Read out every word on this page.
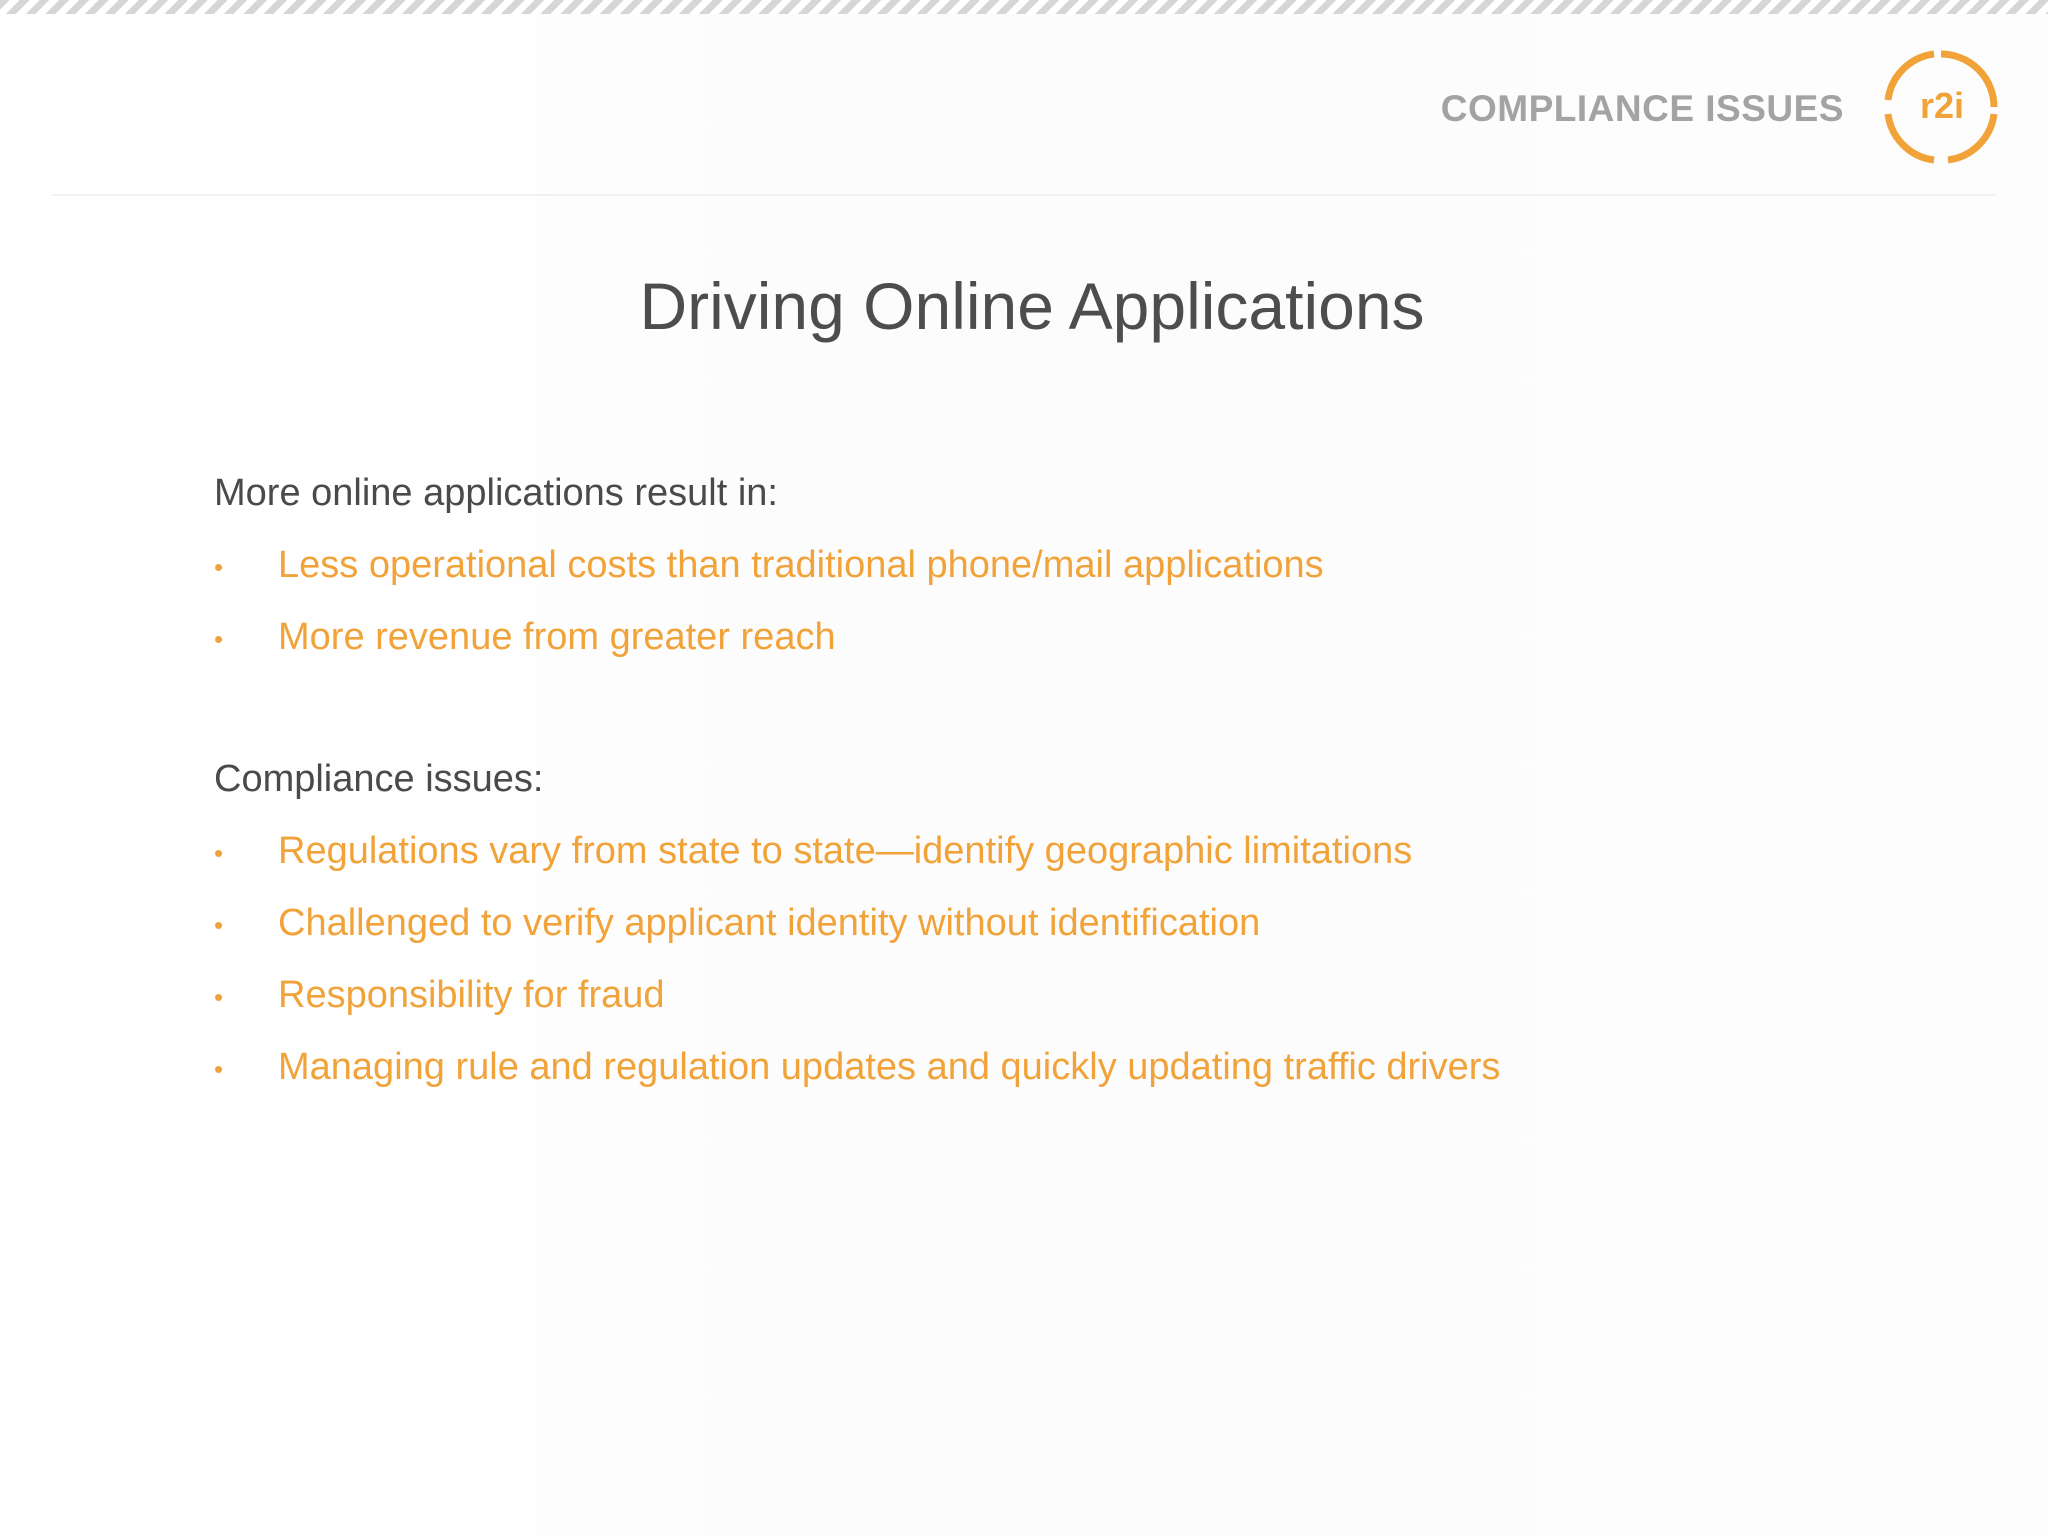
COMPLIANCE ISSUES r2i
Driving Online Applications
More online applications result in:
• Less operational costs than traditional phone/mail applications
• More revenue from greater reach
Compliance issues:
• Regulations vary from state to state—identify geographic limitations
• Challenged to verify applicant identity without identification
• Responsibility for fraud
• Managing rule and regulation updates and quickly updating traffic drivers
